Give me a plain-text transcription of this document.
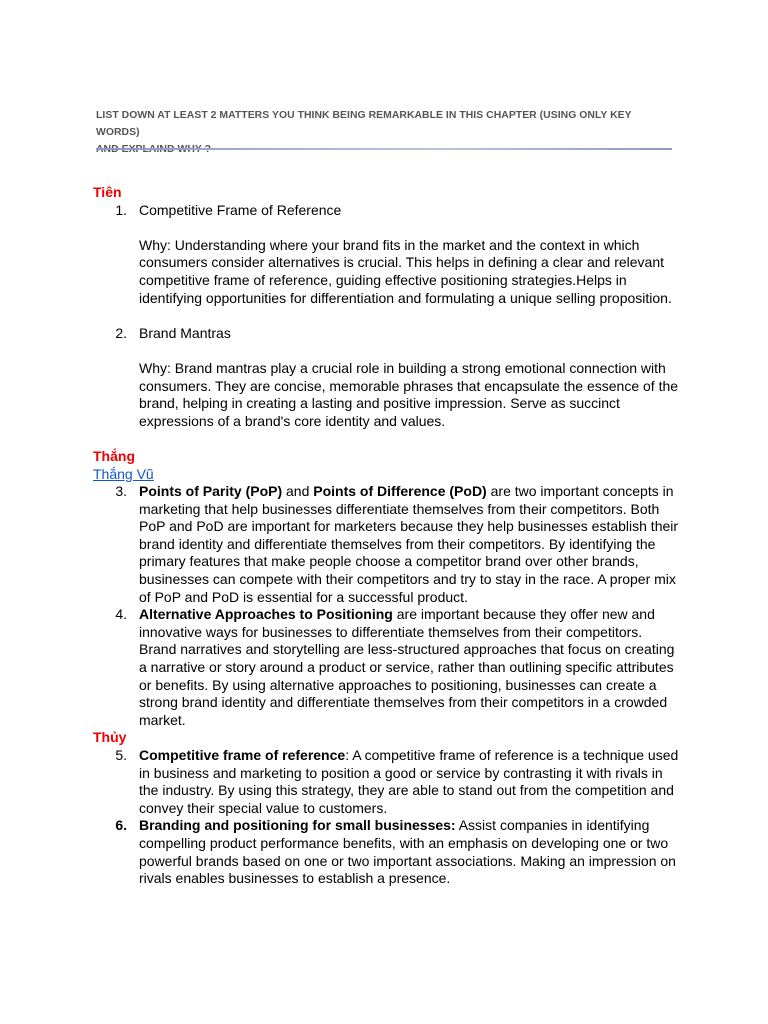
LIST DOWN AT LEAST 2 MATTERS YOU THINK BEING REMARKABLE IN THIS CHAPTER (USING ONLY KEY WORDS)
Tiên
1. Competitive Frame of Reference
Why: Understanding where your brand fits in the market and the context in which consumers consider alternatives is crucial. This helps in defining a clear and relevant competitive frame of reference, guiding effective positioning strategies.Helps in identifying opportunities for differentiation and formulating a unique selling proposition.
2. Brand Mantras
Why: Brand mantras play a crucial role in building a strong emotional connection with consumers. They are concise, memorable phrases that encapsulate the essence of the brand, helping in creating a lasting and positive impression. Serve as succinct expressions of a brand's core identity and values.
Thắng
Thắng Vũ
3. Points of Parity (PoP) and Points of Difference (PoD) are two important concepts in marketing that help businesses differentiate themselves from their competitors. Both PoP and PoD are important for marketers because they help businesses establish their brand identity and differentiate themselves from their competitors. By identifying the primary features that make people choose a competitor brand over other brands, businesses can compete with their competitors and try to stay in the race. A proper mix of PoP and PoD is essential for a successful product.
4. Alternative Approaches to Positioning are important because they offer new and innovative ways for businesses to differentiate themselves from their competitors. Brand narratives and storytelling are less-structured approaches that focus on creating a narrative or story around a product or service, rather than outlining specific attributes or benefits. By using alternative approaches to positioning, businesses can create a strong brand identity and differentiate themselves from their competitors in a crowded market.
Thủy
5. Competitive frame of reference: A competitive frame of reference is a technique used in business and marketing to position a good or service by contrasting it with rivals in the industry. By using this strategy, they are able to stand out from the competition and convey their special value to customers.
6. Branding and positioning for small businesses: Assist companies in identifying compelling product performance benefits, with an emphasis on developing one or two powerful brands based on one or two important associations. Making an impression on rivals enables businesses to establish a presence.
